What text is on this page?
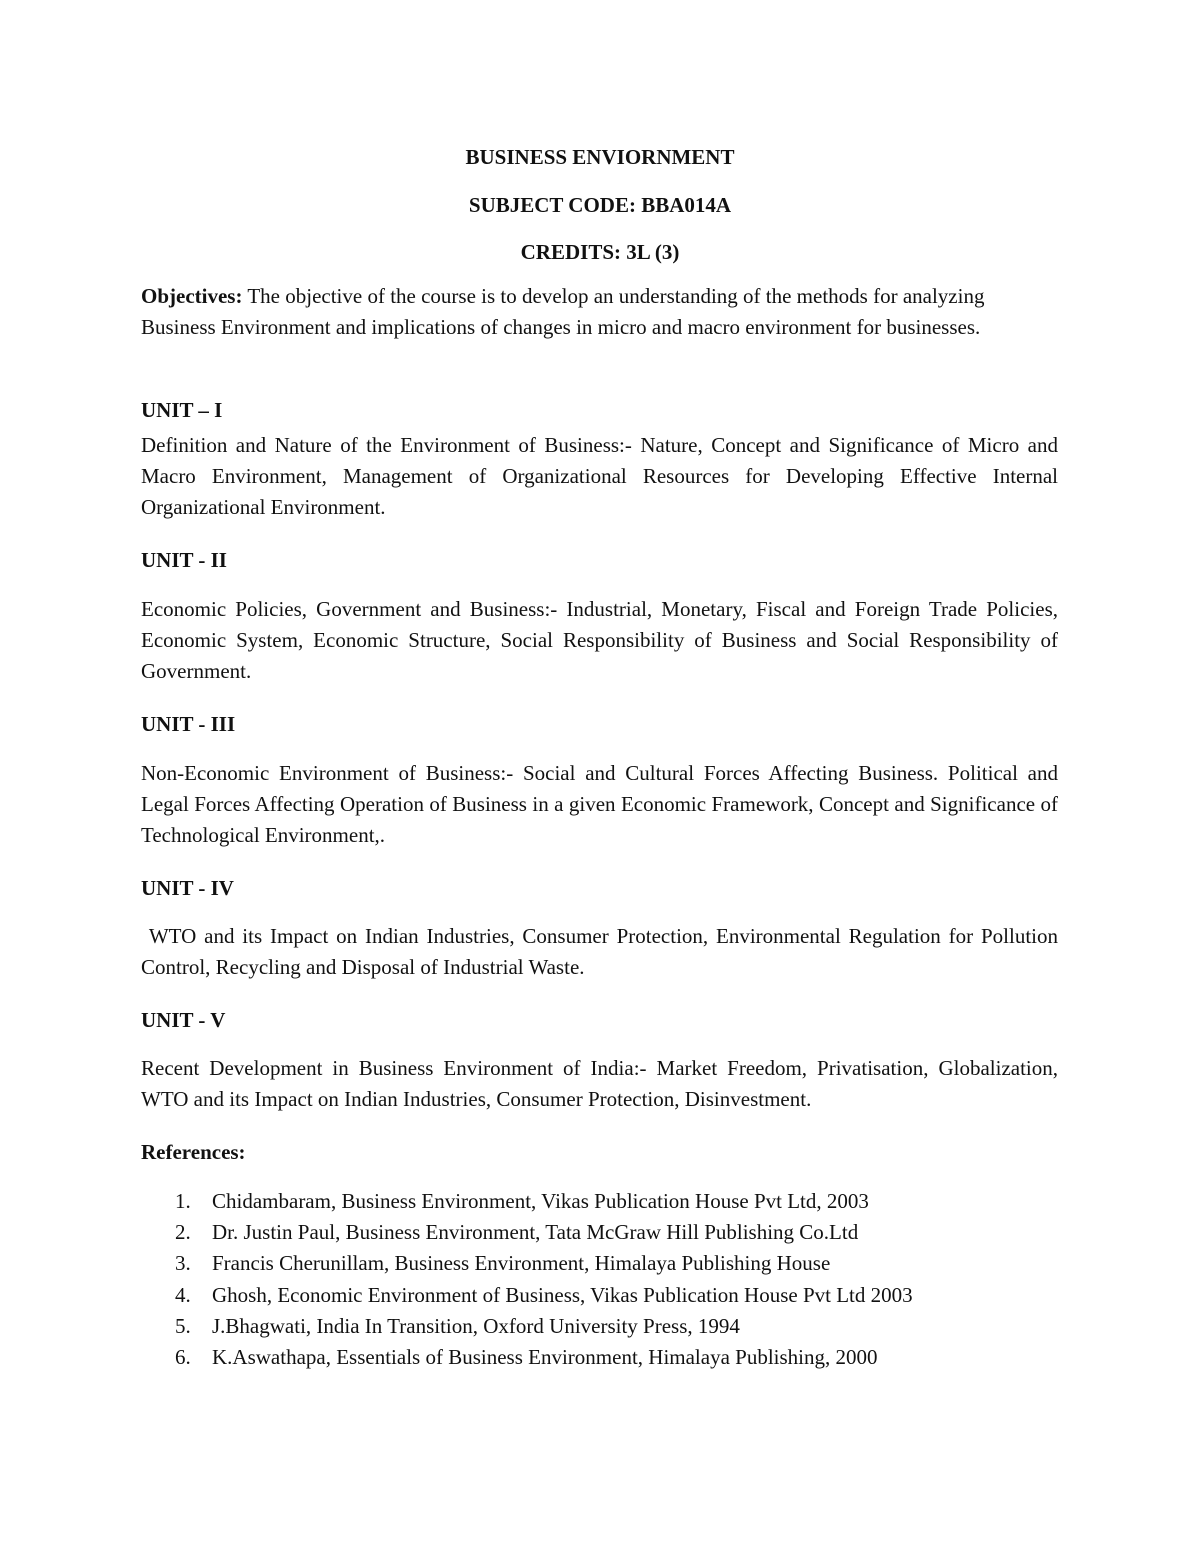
BUSINESS ENVIORNMENT
SUBJECT CODE: BBA014A
CREDITS: 3L (3)
Objectives: The objective of the course is to develop an understanding of the methods for analyzing Business Environment and implications of changes in micro and macro environment for businesses.
UNIT – I
Definition and Nature of the Environment of Business:- Nature, Concept and Significance of Micro and Macro Environment, Management of Organizational Resources for Developing Effective Internal Organizational Environment.
UNIT - II
Economic Policies, Government and Business:- Industrial, Monetary, Fiscal and Foreign Trade Policies, Economic System, Economic Structure, Social Responsibility of Business and Social Responsibility of Government.
UNIT - III
Non-Economic Environment of Business:- Social and Cultural Forces Affecting Business. Political and Legal Forces Affecting Operation of Business in a given Economic Framework, Concept and Significance of Technological Environment,.
UNIT - IV
WTO and its Impact on Indian Industries, Consumer Protection, Environmental Regulation for Pollution Control, Recycling and Disposal of Industrial Waste.
UNIT - V
Recent Development in Business Environment of India:- Market Freedom, Privatisation, Globalization, WTO and its Impact on Indian Industries, Consumer Protection, Disinvestment.
References:
1. Chidambaram, Business Environment, Vikas Publication House Pvt Ltd, 2003
2. Dr. Justin Paul, Business Environment, Tata McGraw Hill Publishing Co.Ltd
3. Francis Cherunillam, Business Environment, Himalaya Publishing House
4. Ghosh, Economic Environment of Business, Vikas Publication House Pvt Ltd 2003
5. J.Bhagwati, India In Transition, Oxford University Press, 1994
6. K.Aswathapa, Essentials of Business Environment, Himalaya Publishing, 2000
